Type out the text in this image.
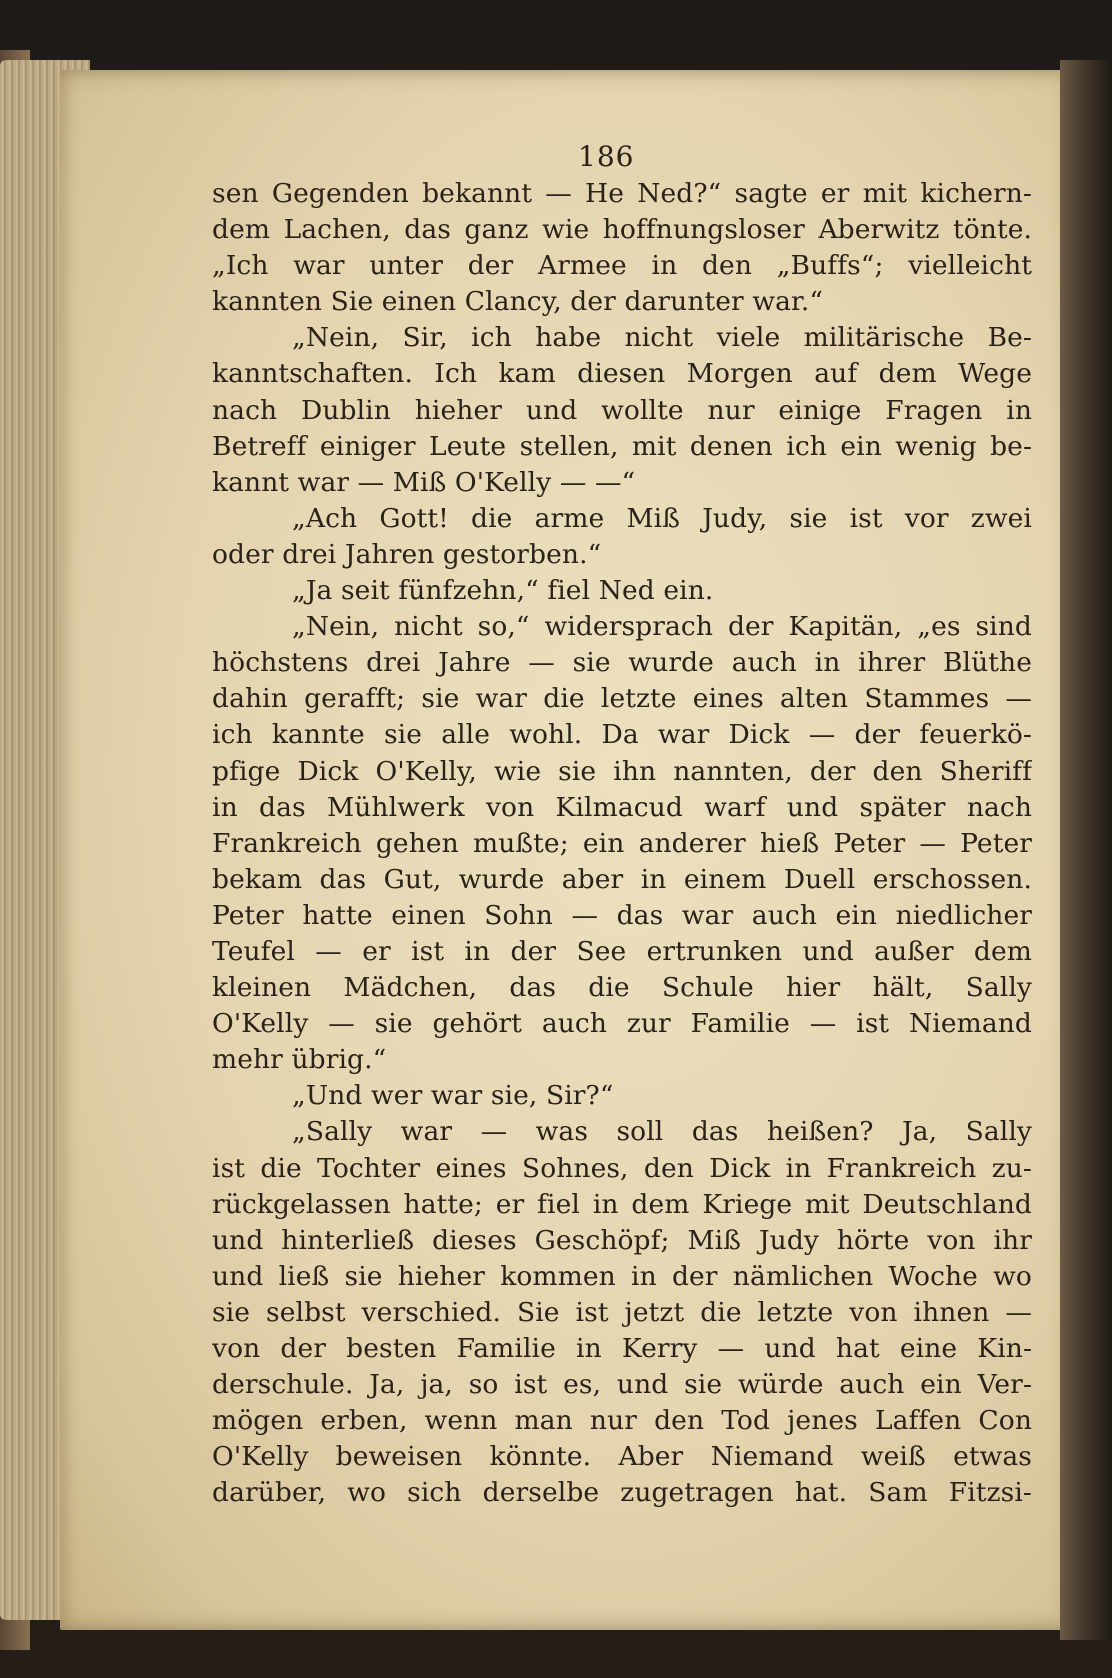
186
sen Gegenden bekannt — He Ned?“ sagte er mit kichern‑
dem Lachen, das ganz wie hoffnungsloser Aberwitz tönte.
„Ich war unter der Armee in den „Buffs“; vielleicht
kannten Sie einen Clancy, der darunter war.“
„Nein, Sir, ich habe nicht viele militärische Be‑
kanntschaften. Ich kam diesen Morgen auf dem Wege
nach Dublin hieher und wollte nur einige Fragen in
Betreff einiger Leute stellen, mit denen ich ein wenig be‑
kannt war — Miß O'Kelly — —“
„Ach Gott! die arme Miß Judy, sie ist vor zwei
oder drei Jahren gestorben.“
„Ja seit fünfzehn,“ fiel Ned ein.
„Nein, nicht so,“ widersprach der Kapitän, „es sind
höchstens drei Jahre — sie wurde auch in ihrer Blüthe
dahin gerafft; sie war die letzte eines alten Stammes —
ich kannte sie alle wohl. Da war Dick — der feuerkö‑
pfige Dick O'Kelly, wie sie ihn nannten, der den Sheriff
in das Mühlwerk von Kilmacud warf und später nach
Frankreich gehen mußte; ein anderer hieß Peter — Peter
bekam das Gut, wurde aber in einem Duell erschossen.
Peter hatte einen Sohn — das war auch ein niedlicher
Teufel — er ist in der See ertrunken und außer dem
kleinen Mädchen, das die Schule hier hält, Sally
O'Kelly — sie gehört auch zur Familie — ist Niemand
mehr übrig.“
„Und wer war sie, Sir?“
„Sally war — was soll das heißen? Ja, Sally
ist die Tochter eines Sohnes, den Dick in Frankreich zu‑
rückgelassen hatte; er fiel in dem Kriege mit Deutschland
und hinterließ dieses Geschöpf; Miß Judy hörte von ihr
und ließ sie hieher kommen in der nämlichen Woche wo
sie selbst verschied. Sie ist jetzt die letzte von ihnen —
von der besten Familie in Kerry — und hat eine Kin‑
derschule. Ja, ja, so ist es, und sie würde auch ein Ver‑
mögen erben, wenn man nur den Tod jenes Laffen Con
O'Kelly beweisen könnte. Aber Niemand weiß etwas
darüber, wo sich derselbe zugetragen hat. Sam Fitzsi‑
